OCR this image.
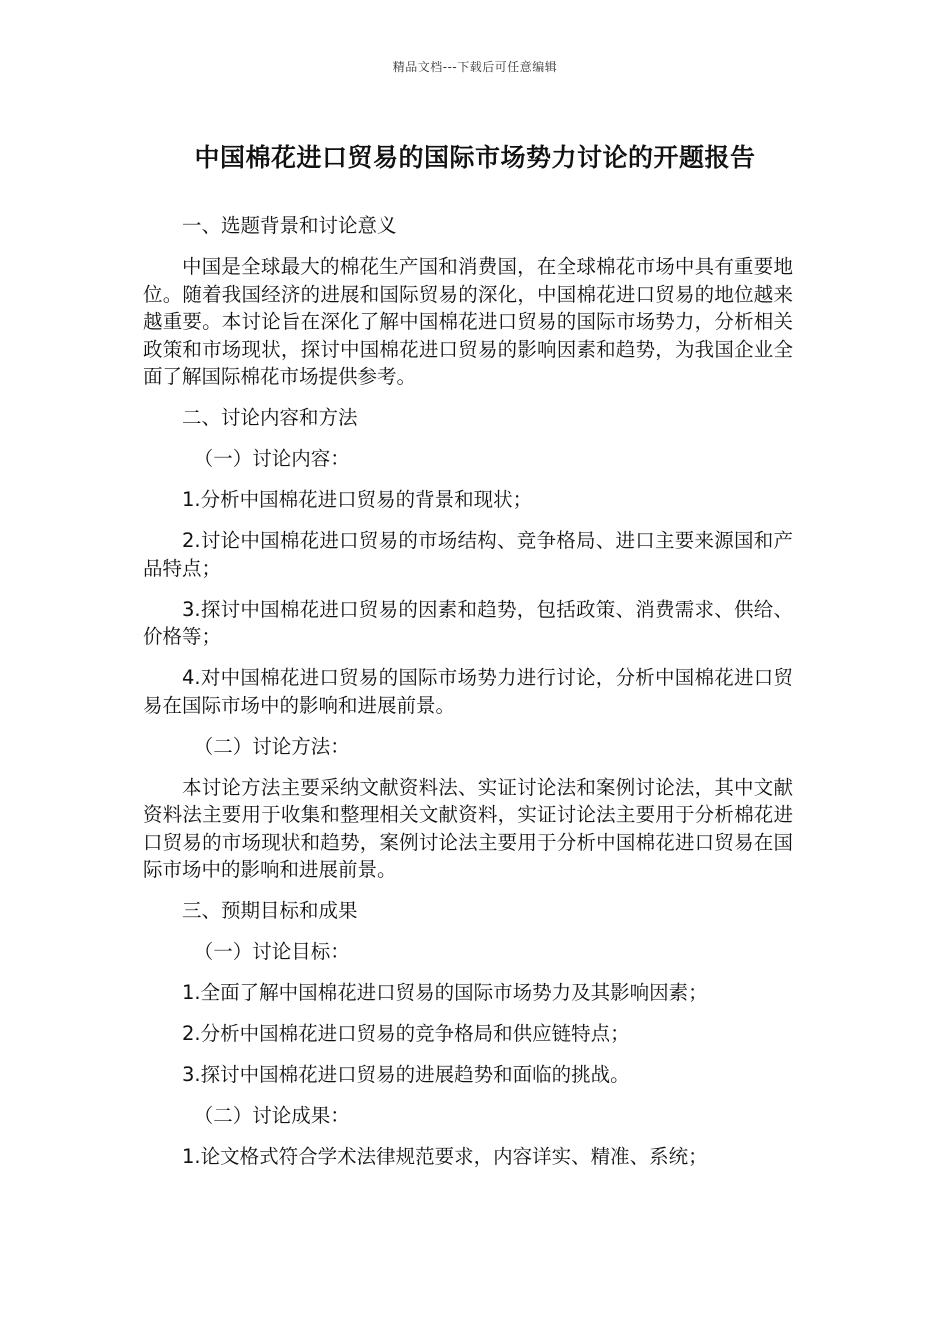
精品文档---下载后可任意编辑
中国棉花进口贸易的国际市场势力讨论的开题报告

一、选题背景和讨论意义

中国是全球最大的棉花生产国和消费国，在全球棉花市场中具有重要地位。随着我国经济的进展和国际贸易的深化，中国棉花进口贸易的地位越来越重要。本讨论旨在深化了解中国棉花进口贸易的国际市场势力，分析相关政策和市场现状，探讨中国棉花进口贸易的影响因素和趋势，为我国企业全面了解国际棉花市场提供参考。

二、讨论内容和方法

（一）讨论内容：

1.分析中国棉花进口贸易的背景和现状；

2.讨论中国棉花进口贸易的市场结构、竞争格局、进口主要来源国和产品特点；

3.探讨中国棉花进口贸易的因素和趋势，包括政策、消费需求、供给、价格等；

4.对中国棉花进口贸易的国际市场势力进行讨论，分析中国棉花进口贸易在国际市场中的影响和进展前景。

（二）讨论方法：

本讨论方法主要采纳文献资料法、实证讨论法和案例讨论法，其中文献资料法主要用于收集和整理相关文献资料，实证讨论法主要用于分析棉花进口贸易的市场现状和趋势，案例讨论法主要用于分析中国棉花进口贸易在国际市场中的影响和进展前景。

三、预期目标和成果

（一）讨论目标：

1.全面了解中国棉花进口贸易的国际市场势力及其影响因素；

2.分析中国棉花进口贸易的竞争格局和供应链特点；

3.探讨中国棉花进口贸易的进展趋势和面临的挑战。

（二）讨论成果：

1.论文格式符合学术法律规范要求，内容详实、精准、系统；
